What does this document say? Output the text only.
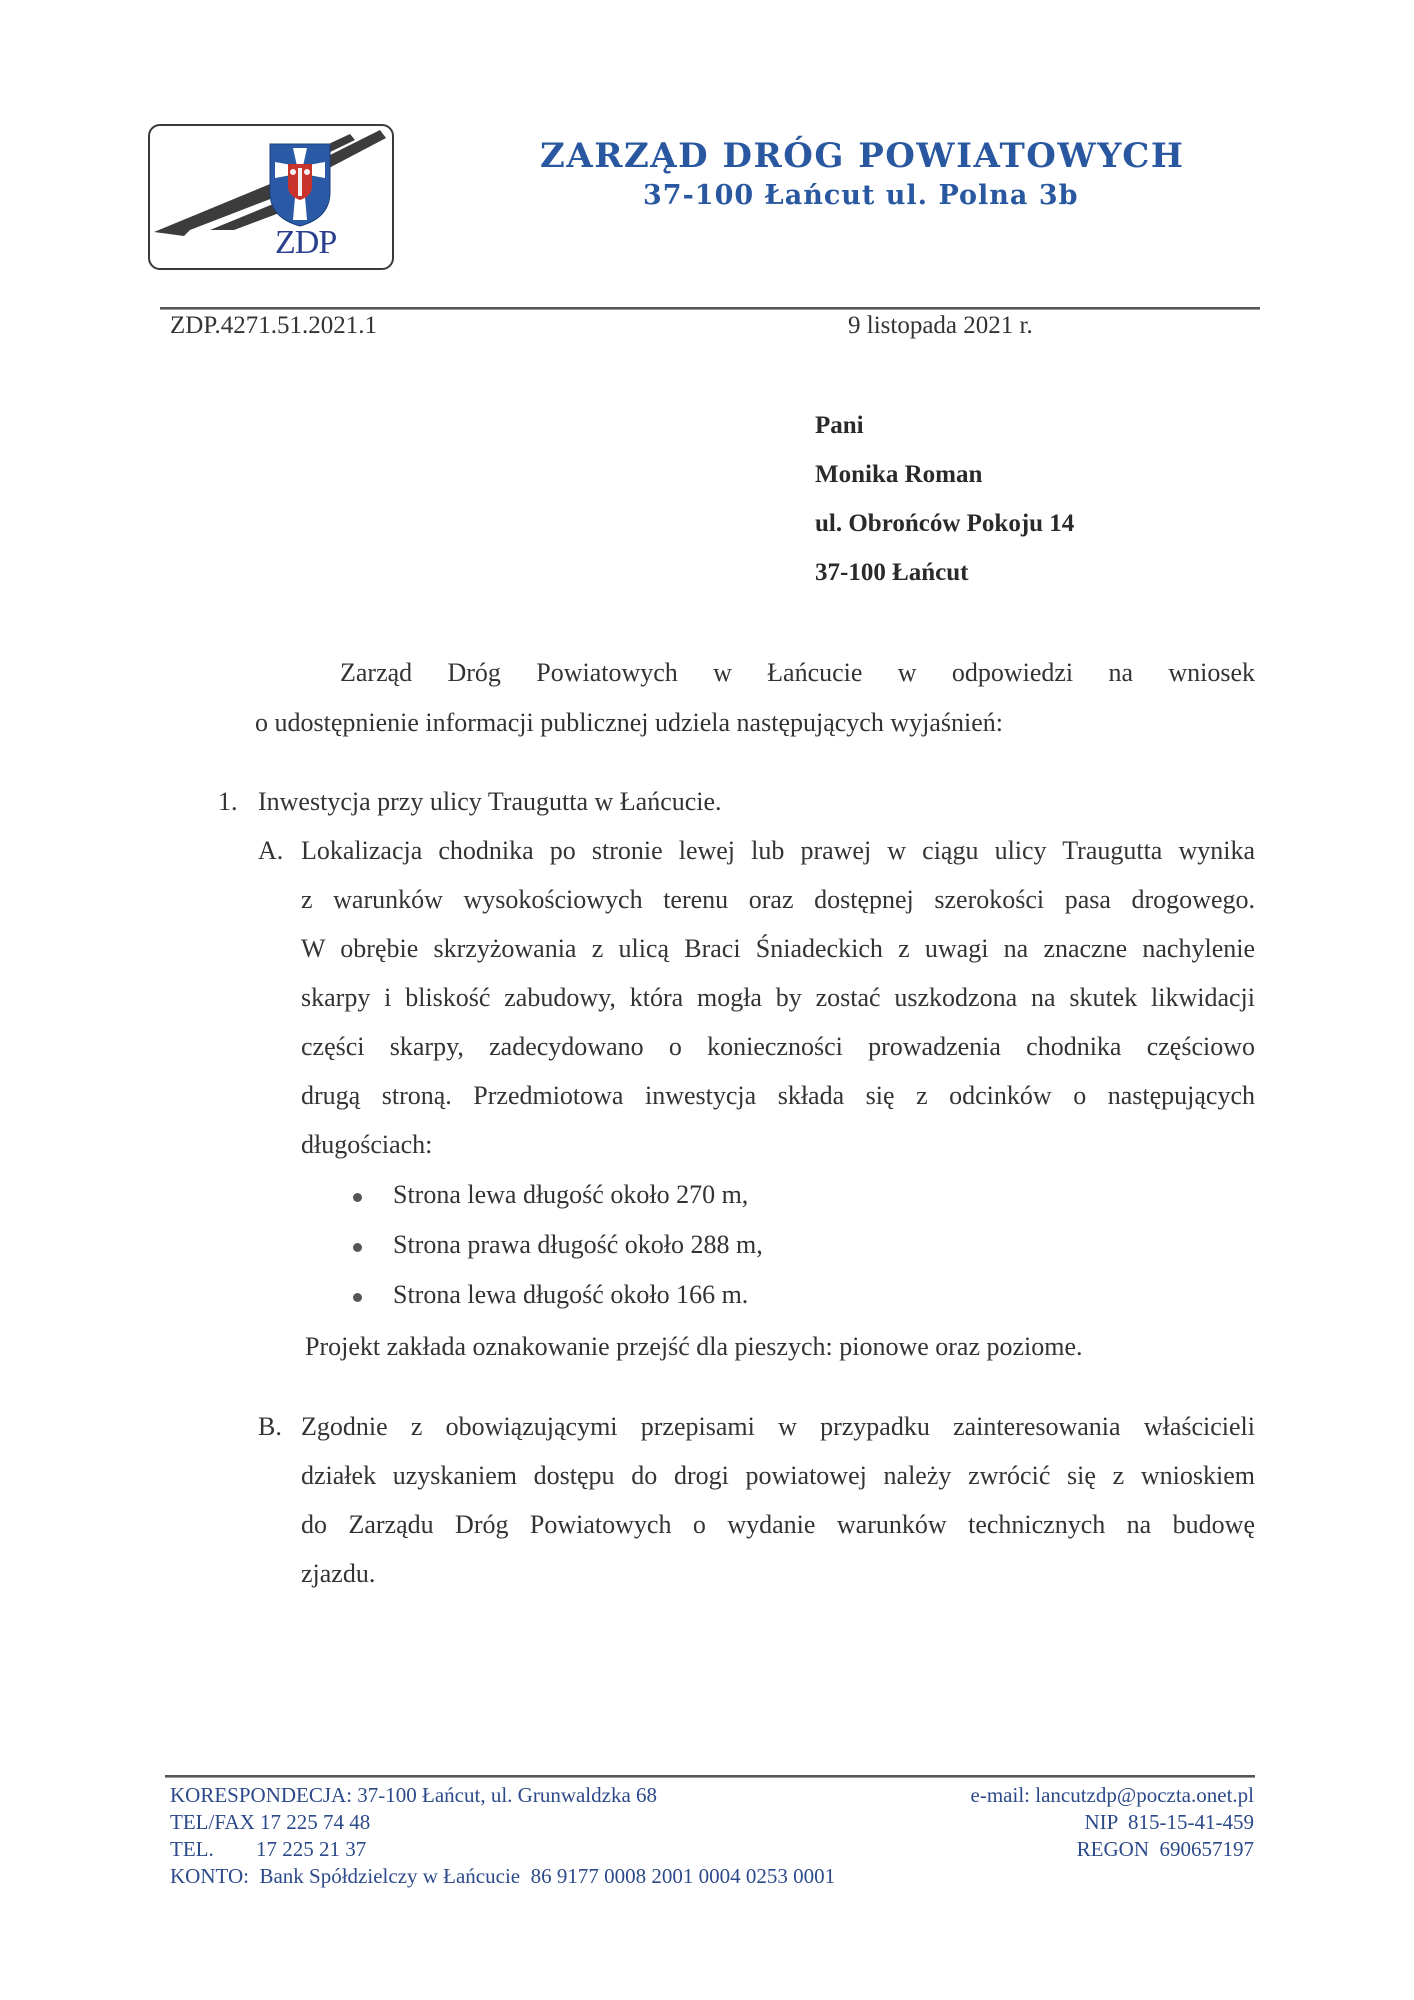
ZDP
ZARZĄD DRÓG POWIATOWYCH
37-100 Łańcut ul. Polna 3b
ZDP.4271.51.2021.1	9 listopada 2021 r.
Pani
Monika Roman
ul. Obrońców Pokoju 14
37-100 Łańcut
Zarząd Dróg Powiatowych w Łańcucie w odpowiedzi na wniosek
o udostępnienie informacji publicznej udziela następujących wyjaśnień:
1. Inwestycja przy ulicy Traugutta w Łańcucie.
A. Lokalizacja chodnika po stronie lewej lub prawej w ciągu ulicy Traugutta wynika
z warunków wysokościowych terenu oraz dostępnej szerokości pasa drogowego.
W obrębie skrzyżowania z ulicą Braci Śniadeckich z uwagi na znaczne nachylenie
skarpy i bliskość zabudowy, która mogła by zostać uszkodzona na skutek likwidacji
części skarpy, zadecydowano o konieczności prowadzenia chodnika częściowo
drugą stroną. Przedmiotowa inwestycja składa się z odcinków o następujących
długościach:
Strona lewa długość około 270 m,
Strona prawa długość około 288 m,
Strona lewa długość około 166 m.
Projekt zakłada oznakowanie przejść dla pieszych: pionowe oraz poziome.
B. Zgodnie z obowiązującymi przepisami w przypadku zainteresowania właścicieli
działek uzyskaniem dostępu do drogi powiatowej należy zwrócić się z wnioskiem
do Zarządu Dróg Powiatowych o wydanie warunków technicznych na budowę
zjazdu.
KORESPONDECJA: 37-100 Łańcut, ul. Grunwaldzka 68
TEL/FAX 17 225 74 48
TEL. 17 225 21 37
KONTO:  Bank Spółdzielczy w Łańcucie  86 9177 0008 2001 0004 0253 0001
e-mail: lancutzdp@poczta.onet.pl
NIP  815-15-41-459
REGON  690657197
